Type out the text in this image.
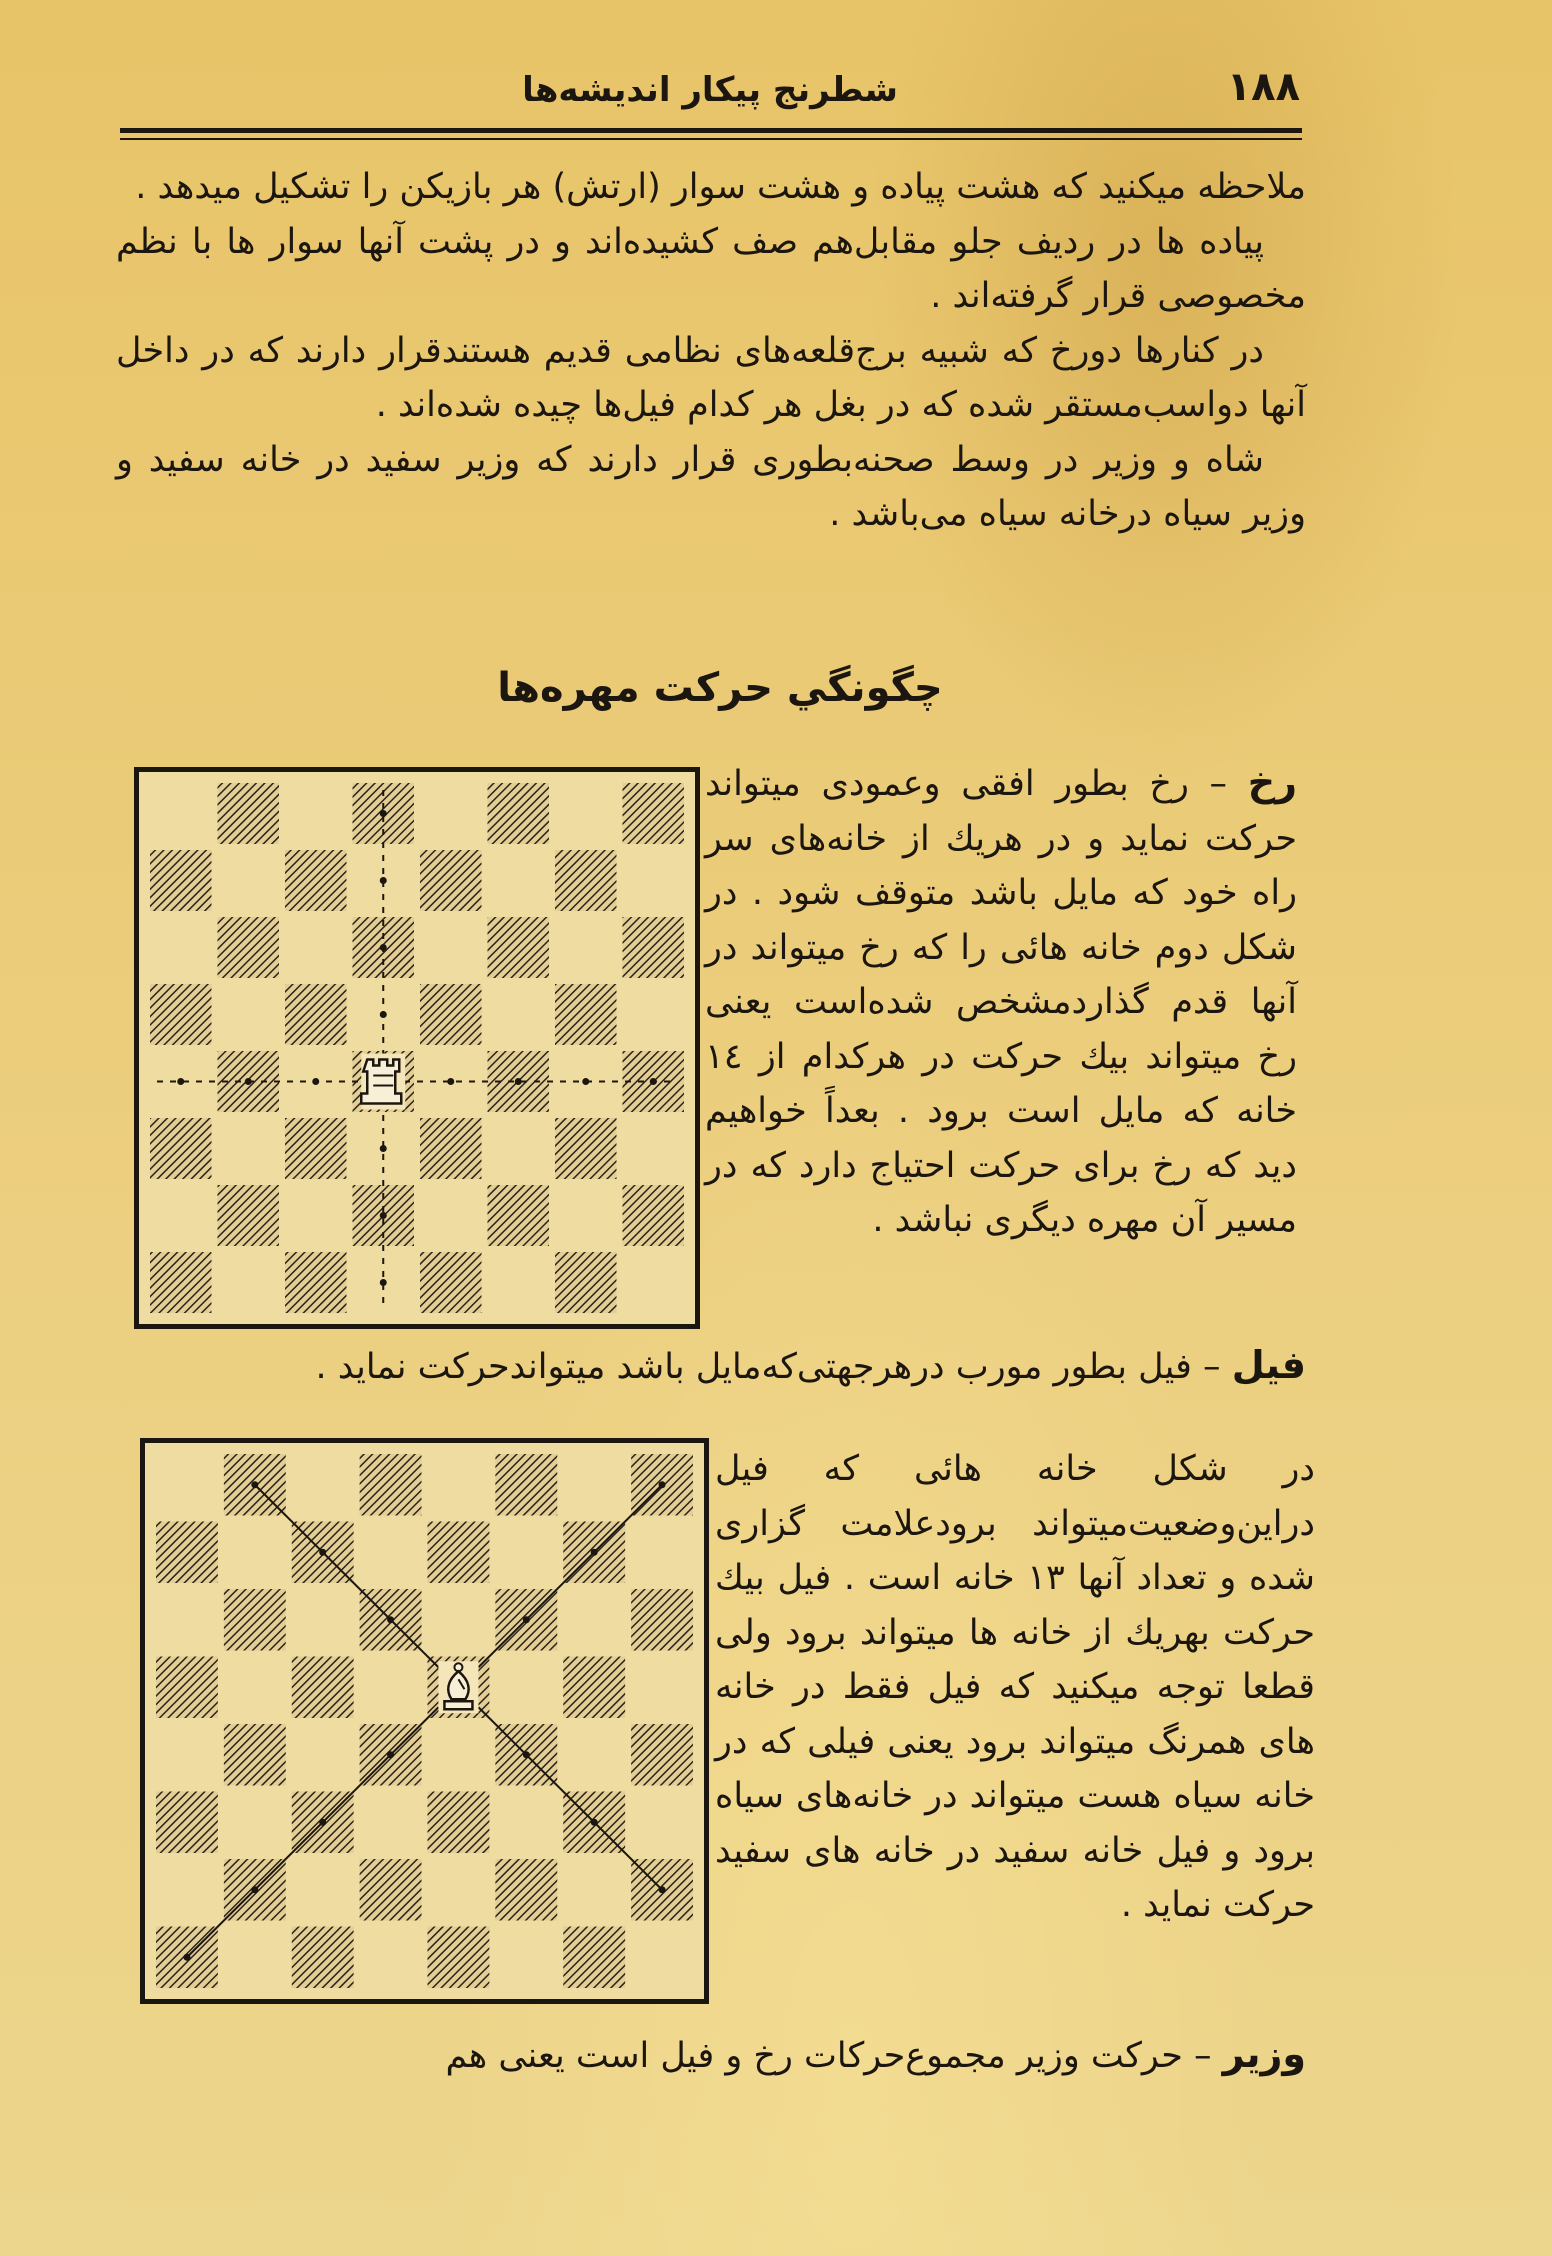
۱۸۸
شطرنج پیکار اندیشه‌ها

ملاحظه میکنید که هشت پیاده و هشت سوار (ارتش) هر بازیکن را تشکیل میدهد .

پیاده ها در ردیف جلو مقابل‌هم صف کشیده‌اند و در پشت آنها سوار ها با نظم مخصوصی قرار گرفته‌اند .

در کنارها دورخ که شبیه برج‌قلعه‌های نظامی قدیم هستندقرار دارند که در داخل آنها دواسب‌مستقر شده که در بغل هر کدام فیل‌ها چیده شده‌اند .

شاه و وزیر در وسط صحنه‌بطوری قرار دارند که وزیر سفید در خانه سفید و وزیر سیاه درخانه سیاه می‌باشد .

چگونگي حرکت مهره‌ها
رخ – رخ بطور افقی وعمودی میتواند حرکت نماید و در هریك از خانه‌های سر راه خود که مایل باشد متوقف شود . در شکل دوم خانه هائی را که رخ میتواند در آنها قدم گذاردمشخص شده‌است یعنی رخ میتواند بیك حرکت در هرکدام از ١٤ خانه که مایل است برود . بعداً خواهیم دید که رخ برای حرکت احتیاج دارد که در مسیر آن مهره دیگری نباشد .
فیل – فیل بطور مورب درهرجهتی‌که‌مایل باشد میتواندحرکت نماید .
در شکل خانه هائی که فیل دراین‌وضعیت‌میتواند برودعلامت گزاری شده و تعداد آنها ١٣ خانه است . فیل بیك حرکت بهریك از خانه ها میتواند برود ولی قطعا توجه میکنید که فیل فقط در خانه های همرنگ میتواند برود یعنی فیلی که در خانه سیاه هست میتواند در خانه‌های سیاه برود و فیل خانه سفید در خانه های سفید حرکت نماید .
وزیر – حرکت وزیر مجموع‌حرکات رخ و فیل است یعنی هم
